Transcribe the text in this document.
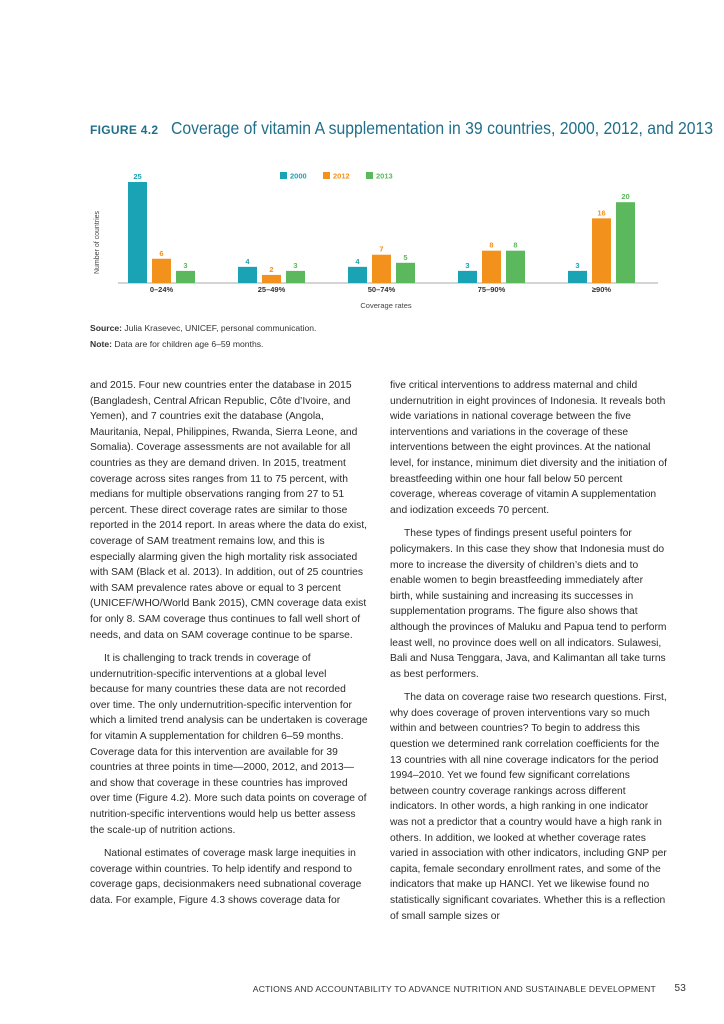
FIGURE 4.2 Coverage of vitamin A supplementation in 39 countries, 2000, 2012, and 2013
Number of countries
25
6
3
0–24%
4
2	3
25–49%
4
7
5
50–74%
3
8	8
75–90%
3
16
20
≥90%
Coverage rates
2000	2012	2013
Source: Julia Krasevec, UNICEF, personal communication.
Note: Data are for children age 6–59 months.

and 2015. Four new countries enter the database in 2015 (Bangladesh, Central African Republic, Côte d’Ivoire, and Yemen), and 7 countries exit the database (Angola, Mauritania, Nepal, Philippines, Rwanda, Sierra Leone, and Somalia). Coverage assessments are not available for all countries as they are demand driven. In 2015, treatment coverage across sites ranges from 11 to 75 percent, with medians for multiple observations ranging from 27 to 51 percent. These direct coverage rates are similar to those reported in the 2014 report. In areas where the data do exist, coverage of SAM treatment remains low, and this is especially alarming given the high mortality risk associated with SAM (Black et al. 2013). In addition, out of 25 countries with SAM prevalence rates above or equal to 3 percent (UNICEF/WHO/World Bank 2015), CMN coverage data exist for only 8. SAM coverage thus continues to fall well short of needs, and data on SAM coverage continue to be sparse.

It is challenging to track trends in coverage of undernutrition-specific interventions at a global level because for many countries these data are not recorded over time. The only undernutrition-specific intervention for which a limited trend analysis can be undertaken is coverage for vitamin A supplementation for children 6–59 months. Coverage data for this intervention are available for 39 countries at three points in time—2000, 2012, and 2013—and show that coverage in these countries has improved over time (Figure 4.2). More such data points on coverage of nutrition-specific interventions would help us better assess the scale-up of nutrition actions.

National estimates of coverage mask large inequities in coverage within countries. To help identify and respond to coverage gaps, decisionmakers need subnational coverage data. For example, Figure 4.3 shows coverage data for

five critical interventions to address maternal and child undernutrition in eight provinces of Indonesia. It reveals both wide variations in national coverage between the five interventions and variations in the coverage of these interventions between the eight provinces. At the national level, for instance, minimum diet diversity and the initiation of breastfeeding within one hour fall below 50 percent coverage, whereas coverage of vitamin A supplementation and iodization exceeds 70 percent.

These types of findings present useful pointers for policymakers. In this case they show that Indonesia must do more to increase the diversity of children’s diets and to enable women to begin breastfeeding immediately after birth, while sustaining and increasing its successes in supplementation programs. The figure also shows that although the provinces of Maluku and Papua tend to perform least well, no province does well on all indicators. Sulawesi, Bali and Nusa Tenggara, Java, and Kalimantan all take turns as best performers.

The data on coverage raise two research questions. First, why does coverage of proven interventions vary so much within and between countries? To begin to address this question we determined rank correlation coefficients for the 13 countries with all nine coverage indicators for the period 1994–2010. Yet we found few significant correlations between country coverage rankings across different indicators. In other words, a high ranking in one indicator was not a predictor that a country would have a high rank in others. In addition, we looked at whether coverage rates varied in association with other indicators, including GNP per capita, female secondary enrollment rates, and some of the indicators that make up HANCI. Yet we likewise found no statistically significant covariates. Whether this is a reflection of small sample sizes or

ACTIONS AND ACCOUNTABILITY TO ADVANCE NUTRITION AND SUSTAINABLE DEVELOPMENT 53
